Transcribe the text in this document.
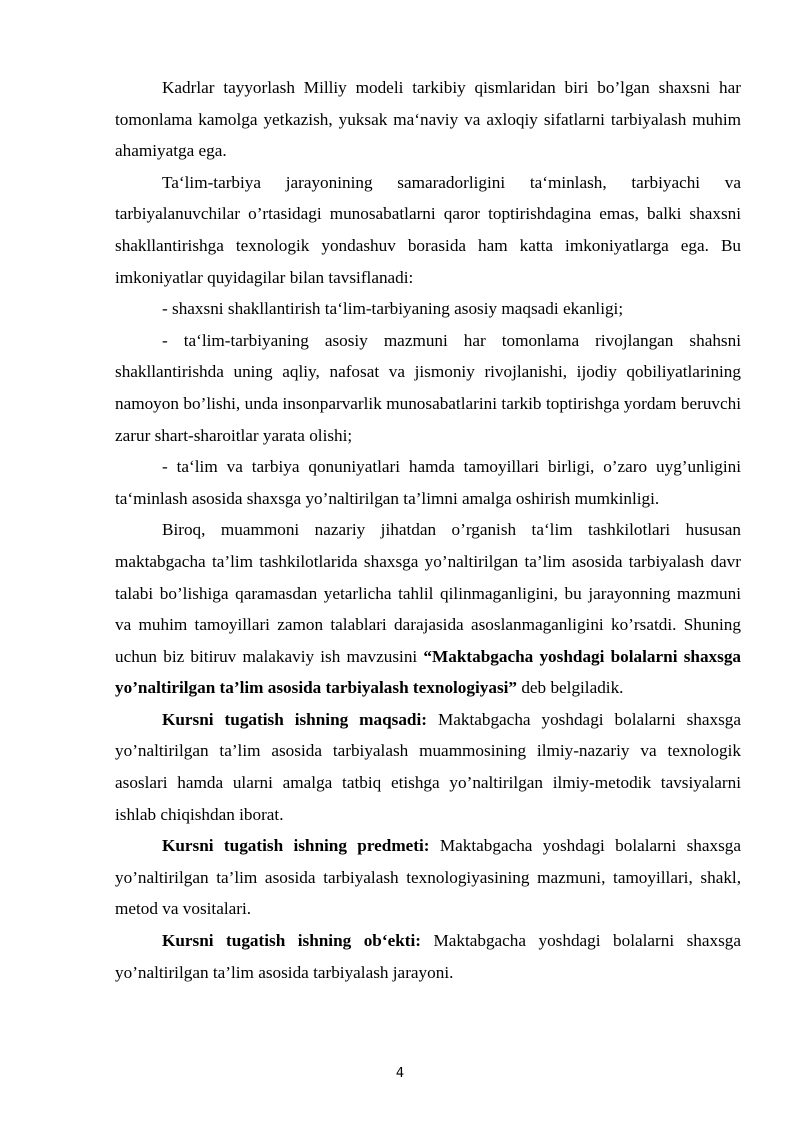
Kadrlar tayyorlash Milliy modeli tarkibiy qismlaridan biri bo’lgan shaxsni har tomonlama kamolga yetkazish, yuksak ma‘naviy va axloqiy sifatlarni tarbiyalash muhim ahamiyatga ega.

Ta‘lim-tarbiya jarayonining samaradorligini ta‘minlash, tarbiyachi va tarbiyalanuvchilar o’rtasidagi munosabatlarni qaror toptirishdagina emas, balki shaxsni shakllantirishga texnologik yondashuv borasida ham katta imkoniyatlarga ega. Bu imkoniyatlar quyidagilar bilan tavsiflanadi:

- shaxsni shakllantirish ta‘lim-tarbiyaning asosiy maqsadi ekanligi;

- ta‘lim-tarbiyaning asosiy mazmuni har tomonlama rivojlangan shahsni shakllantirishda uning aqliy, nafosat va jismoniy rivojlanishi, ijodiy qobiliyatlarining namoyon bo’lishi, unda insonparvarlik munosabatlarini tarkib toptirishga yordam beruvchi zarur shart-sharoitlar yarata olishi;

- ta‘lim va tarbiya qonuniyatlari hamda tamoyillari birligi, o’zaro uyg’unligini ta‘minlash asosida shaxsga yo’naltirilgan ta’limni amalga oshirish mumkinligi.

Biroq, muammoni nazariy jihatdan o’rganish ta‘lim tashkilotlari hususan maktabgacha ta’lim tashkilotlarida shaxsga yo’naltirilgan ta’lim asosida tarbiyalash davr talabi bo’lishiga qaramasdan yetarlicha tahlil qilinmaganligini, bu jarayonning mazmuni va muhim tamoyillari zamon talablari darajasida asoslanmaganligini ko’rsatdi. Shuning uchun biz bitiruv malakaviy ish mavzusini “Maktabgacha yoshdagi bolalarni shaxsga yo’naltirilgan ta’lim asosida tarbiyalash texnologiyasi” deb belgiladik.

Kursni tugatish ishning maqsadi: Maktabgacha yoshdagi bolalarni shaxsga yo’naltirilgan ta’lim asosida tarbiyalash muammosining ilmiy-nazariy va texnologik asoslari hamda ularni amalga tatbiq etishga yo’naltirilgan ilmiy-metodik tavsiyalarni ishlab chiqishdan iborat.

Kursni tugatish ishning predmeti: Maktabgacha yoshdagi bolalarni shaxsga yo’naltirilgan ta’lim asosida tarbiyalash texnologiyasining mazmuni, tamoyillari, shakl, metod va vositalari.

Kursni tugatish ishning ob‘ekti: Maktabgacha yoshdagi bolalarni shaxsga yo’naltirilgan ta’lim asosida tarbiyalash jarayoni.

4
